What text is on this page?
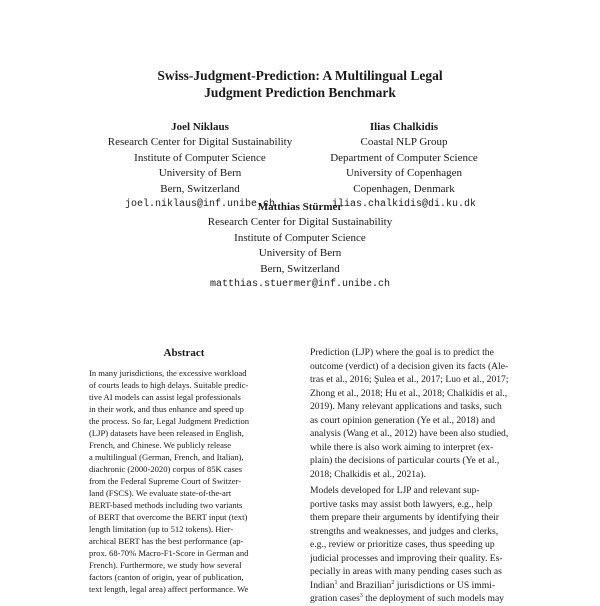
Swiss-Judgment-Prediction: A Multilingual Legal
Judgment Prediction Benchmark
Joel Niklaus
Research Center for Digital Sustainability
Institute of Computer Science
University of Bern
Bern, Switzerland
joel.niklaus@inf.unibe.ch
Ilias Chalkidis
Coastal NLP Group
Department of Computer Science
University of Copenhagen
Copenhagen, Denmark
ilias.chalkidis@di.ku.dk
Matthias Stürmer
Research Center for Digital Sustainability
Institute of Computer Science
University of Bern
Bern, Switzerland
matthias.stuermer@inf.unibe.ch
Abstract
In many jurisdictions, the excessive workload
of courts leads to high delays. Suitable predic-
tive AI models can assist legal professionals
in their work, and thus enhance and speed up
the process. So far, Legal Judgment Prediction
(LJP) datasets have been released in English,
French, and Chinese. We publicly release
a multilingual (German, French, and Italian),
diachronic (2000-2020) corpus of 85K cases
from the Federal Supreme Court of Switzer-
land (FSCS). We evaluate state-of-the-art
BERT-based methods including two variants
of BERT that overcome the BERT input (text)
length limitation (up to 512 tokens). Hier-
archical BERT has the best performance (ap-
prox. 68-70% Macro-F1-Score in German and
French). Furthermore, we study how several
factors (canton of origin, year of publication,
text length, legal area) affect performance. We
Prediction (LJP) where the goal is to predict the
outcome (verdict) of a decision given its facts (Ale-
tras et al., 2016; Şulea et al., 2017; Luo et al., 2017;
Zhong et al., 2018; Hu et al., 2018; Chalkidis et al.,
2019). Many relevant applications and tasks, such
as court opinion generation (Ye et al., 2018) and
analysis (Wang et al., 2012) have been also studied,
while there is also work aiming to interpret (ex-
plain) the decisions of particular courts (Ye et al.,
2018; Chalkidis et al., 2021a).
Models developed for LJP and relevant sup-
portive tasks may assist both lawyers, e.g., help
them prepare their arguments by identifying their
strengths and weaknesses, and judges and clerks,
e.g., review or prioritize cases, thus speeding up
judicial processes and improving their quality. Es-
pecially in areas with many pending cases such as
Indian$^1$ and Brazilian$^2$ jurisdictions or US immi-
gration cases$^3$ the deployment of such models may
